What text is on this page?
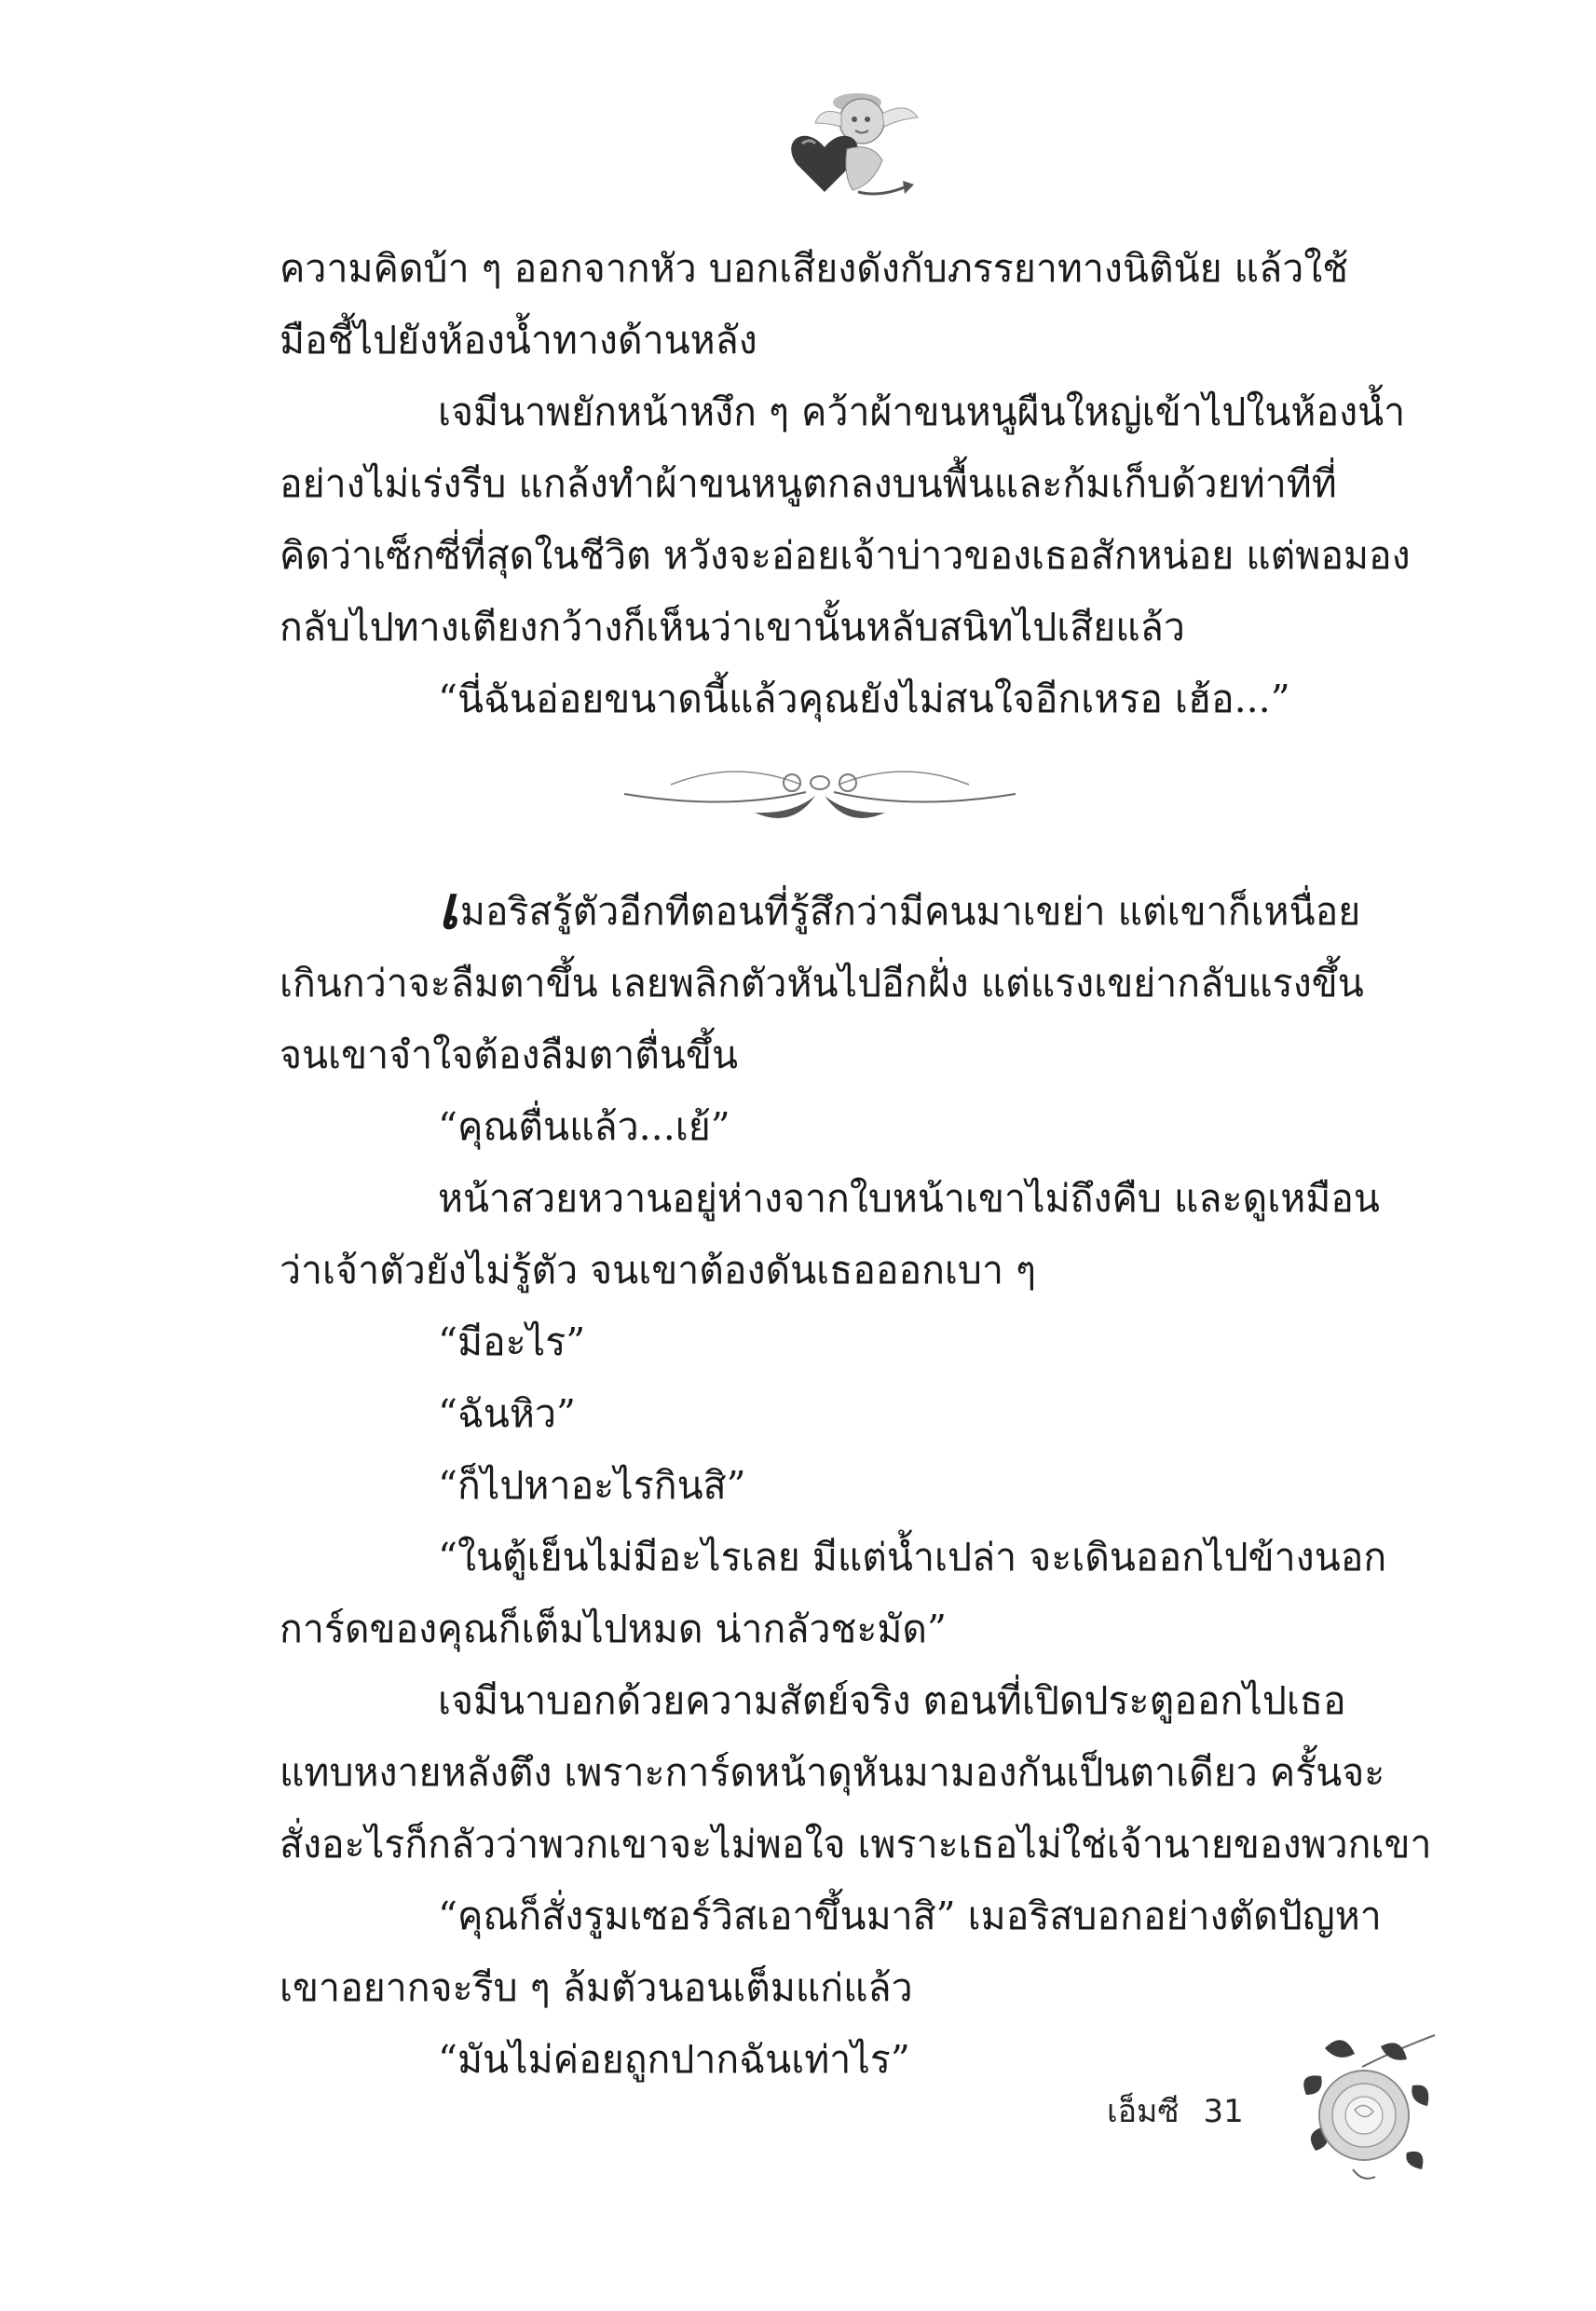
ความคิดบ้า ๆ ออกจากหัว บอกเสียงดังกับภรรยาทางนิตินัย แล้วใช้
มือชี้ไปยังห้องน้ำทางด้านหลัง

เจมีนาพยักหน้าหงึก ๆ คว้าผ้าขนหนูผืนใหญ่เข้าไปในห้องน้ำ
อย่างไม่เร่งรีบ แกล้งทำผ้าขนหนูตกลงบนพื้นและก้มเก็บด้วยท่าทีที่
คิดว่าเซ็กซี่ที่สุดในชีวิต หวังจะอ่อยเจ้าบ่าวของเธอสักหน่อย แต่พอมอง
กลับไปทางเตียงกว้างก็เห็นว่าเขานั้นหลับสนิทไปเสียแล้ว

“นี่ฉันอ่อยขนาดนี้แล้วคุณยังไม่สนใจอีกเหรอ เฮ้อ...”

เมอริสรู้ตัวอีกทีตอนที่รู้สึกว่ามีคนมาเขย่า แต่เขาก็เหนื่อย
เกินกว่าจะลืมตาขึ้น เลยพลิกตัวหันไปอีกฝั่ง แต่แรงเขย่ากลับแรงขึ้น
จนเขาจำใจต้องลืมตาตื่นขึ้น

“คุณตื่นแล้ว...เย้”

หน้าสวยหวานอยู่ห่างจากใบหน้าเขาไม่ถึงคืบ และดูเหมือน
ว่าเจ้าตัวยังไม่รู้ตัว จนเขาต้องดันเธอออกเบา ๆ

“มีอะไร”

“ฉันหิว”

“ก็ไปหาอะไรกินสิ”

“ในตู้เย็นไม่มีอะไรเลย มีแต่น้ำเปล่า จะเดินออกไปข้างนอก
การ์ดของคุณก็เต็มไปหมด น่ากลัวชะมัด”

เจมีนาบอกด้วยความสัตย์จริง ตอนที่เปิดประตูออกไปเธอ
แทบหงายหลังตึง เพราะการ์ดหน้าดุหันมามองกันเป็นตาเดียว ครั้นจะ
สั่งอะไรก็กลัวว่าพวกเขาจะไม่พอใจ เพราะเธอไม่ใช่เจ้านายของพวกเขา

“คุณก็สั่งรูมเซอร์วิสเอาขึ้นมาสิ” เมอริสบอกอย่างตัดปัญหา
เขาอยากจะรีบ ๆ ล้มตัวนอนเต็มแก่แล้ว

“มันไม่ค่อยถูกปากฉันเท่าไร”

เอ็มซี 31
